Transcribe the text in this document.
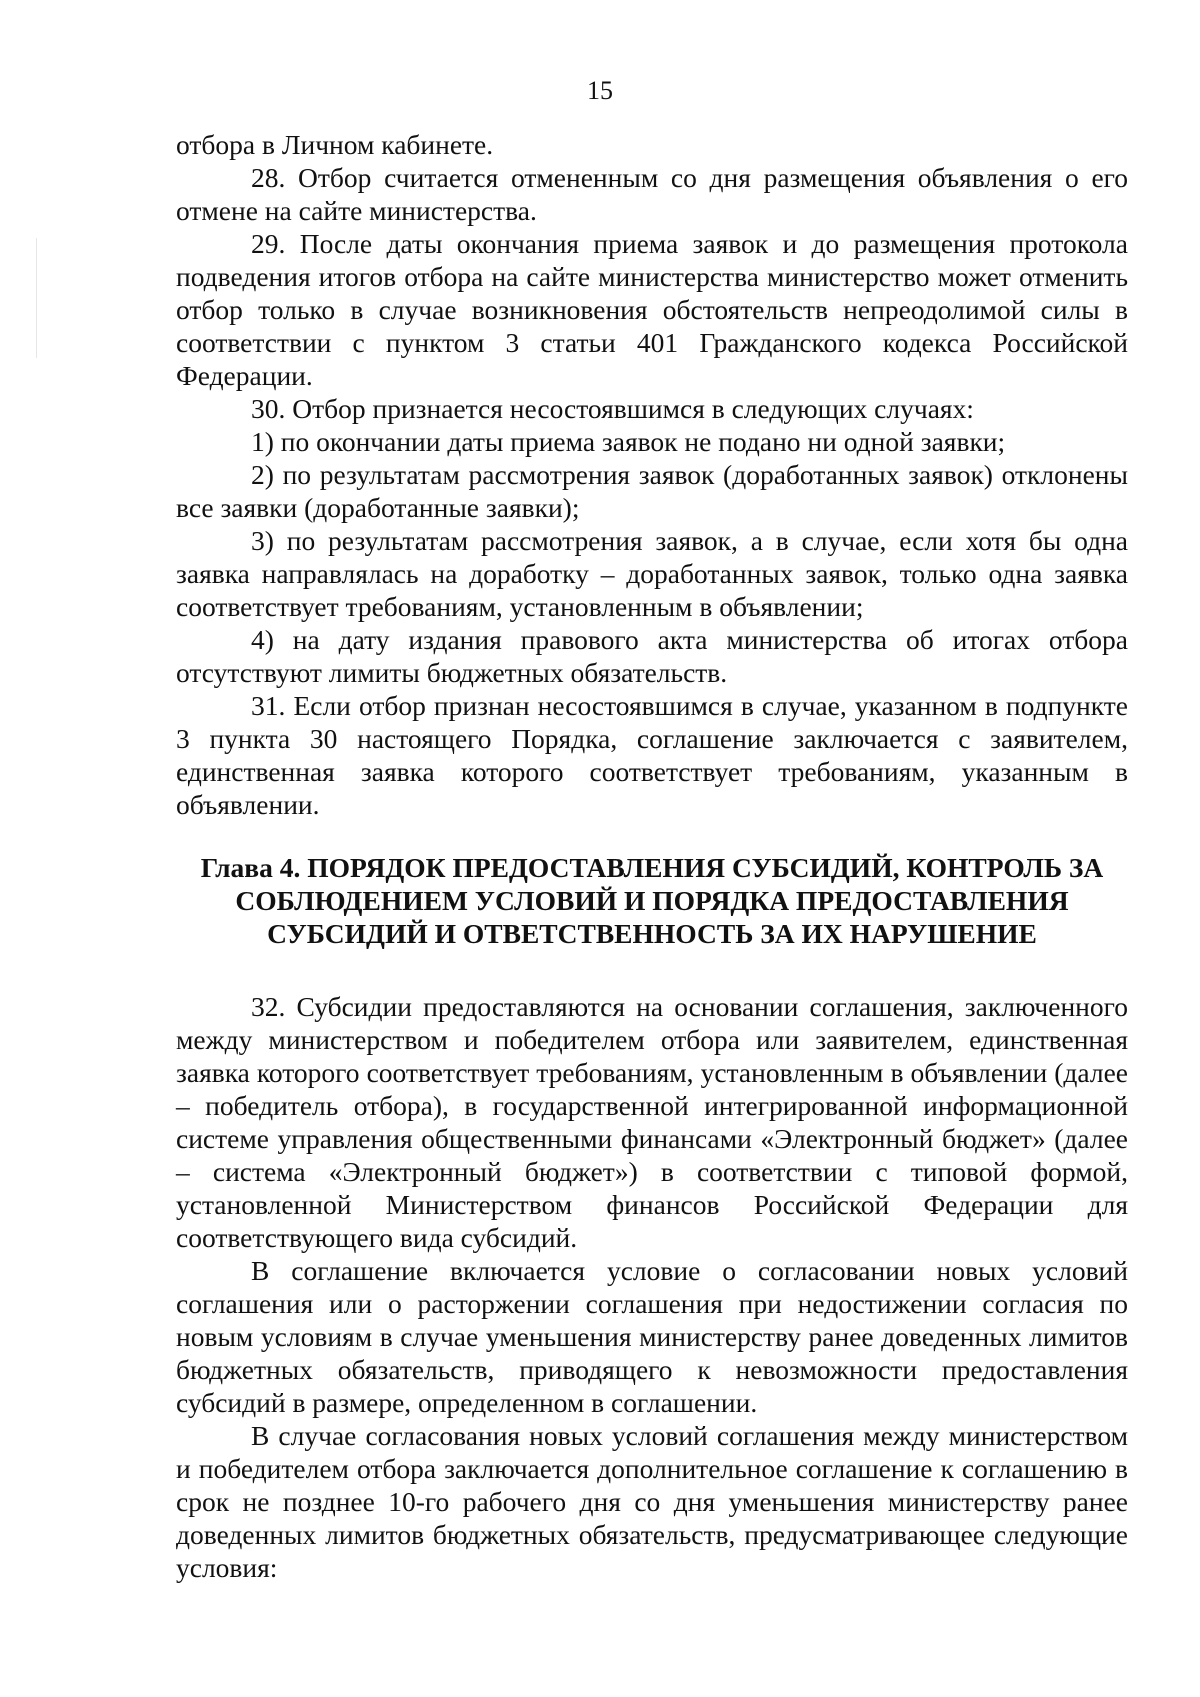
15

отбора в Личном кабинете.

28. Отбор считается отмененным со дня размещения объявления о его отмене на сайте министерства.

29. После даты окончания приема заявок и до размещения протокола подведения итогов отбора на сайте министерства министерство может отменить отбор только в случае возникновения обстоятельств непреодолимой силы в соответствии с пунктом 3 статьи 401 Гражданского кодекса Российской Федерации.

30. Отбор признается несостоявшимся в следующих случаях:

1) по окончании даты приема заявок не подано ни одной заявки;

2) по результатам рассмотрения заявок (доработанных заявок) отклонены все заявки (доработанные заявки);

3) по результатам рассмотрения заявок, а в случае, если хотя бы одна заявка направлялась на доработку – доработанных заявок, только одна заявка соответствует требованиям, установленным в объявлении;

4) на дату издания правового акта министерства об итогах отбора отсутствуют лимиты бюджетных обязательств.

31. Если отбор признан несостоявшимся в случае, указанном в подпункте 3 пункта 30 настоящего Порядка, соглашение заключается с заявителем, единственная заявка которого соответствует требованиям, указанным в объявлении.

Глава 4. ПОРЯДОК ПРЕДОСТАВЛЕНИЯ СУБСИДИЙ, КОНТРОЛЬ ЗА
СОБЛЮДЕНИЕМ УСЛОВИЙ И ПОРЯДКА ПРЕДОСТАВЛЕНИЯ
СУБСИДИЙ И ОТВЕТСТВЕННОСТЬ ЗА ИХ НАРУШЕНИЕ

32. Субсидии предоставляются на основании соглашения, заключенного между министерством и победителем отбора или заявителем, единственная заявка которого соответствует требованиям, установленным в объявлении (далее – победитель отбора), в государственной интегрированной информационной системе управления общественными финансами «Электронный бюджет» (далее – система «Электронный бюджет») в соответствии с типовой формой, установленной Министерством финансов Российской Федерации для соответствующего вида субсидий.

В соглашение включается условие о согласовании новых условий соглашения или о расторжении соглашения при недостижении согласия по новым условиям в случае уменьшения министерству ранее доведенных лимитов бюджетных обязательств, приводящего к невозможности предоставления субсидий в размере, определенном в соглашении.

В случае согласования новых условий соглашения между министерством и победителем отбора заключается дополнительное соглашение к соглашению в срок не позднее 10-го рабочего дня со дня уменьшения министерству ранее доведенных лимитов бюджетных обязательств, предусматривающее следующие условия:
